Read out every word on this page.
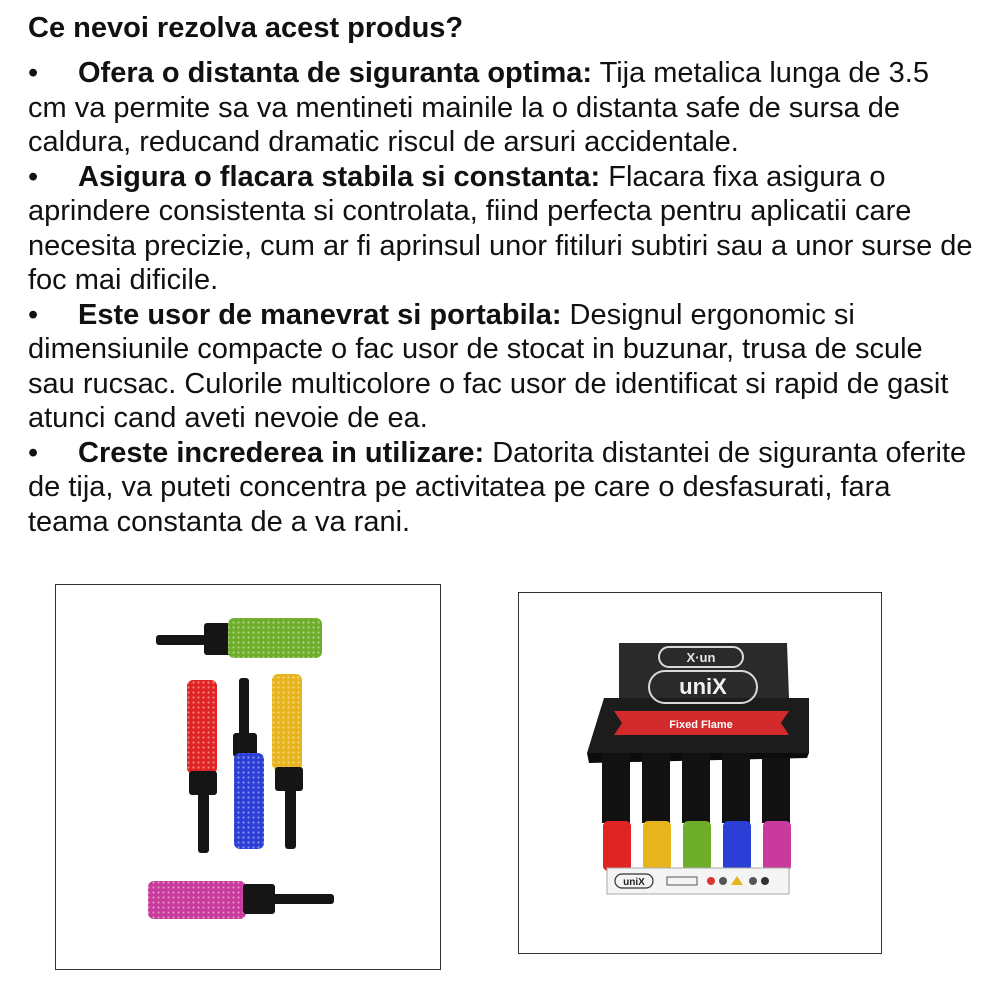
Ce nevoi rezolva acest produs?
• Ofera o distanta de siguranta optima: Tija metalica lunga de 3.5 cm va permite sa va mentineti mainile la o distanta safe de sursa de caldura, reducand dramatic riscul de arsuri accidentale.
• Asigura o flacara stabila si constanta: Flacara fixa asigura o aprindere consistenta si controlata, fiind perfecta pentru aplicatii care necesita precizie, cum ar fi aprinsul unor fitiluri subtiri sau a unor surse de foc mai dificile.
• Este usor de manevrat si portabila: Designul ergonomic si dimensiunile compacte o fac usor de stocat in buzunar, trusa de scule sau rucsac. Culorile multicolore o fac usor de identificat si rapid de gasit atunci cand aveti nevoie de ea.
• Creste increderea in utilizare: Datorita distantei de siguranta oferite de tija, va puteti concentra pe activitatea pe care o desfasurati, fara teama constanta de a va rani.
X·un
uniX
Fixed Flame
uniX
